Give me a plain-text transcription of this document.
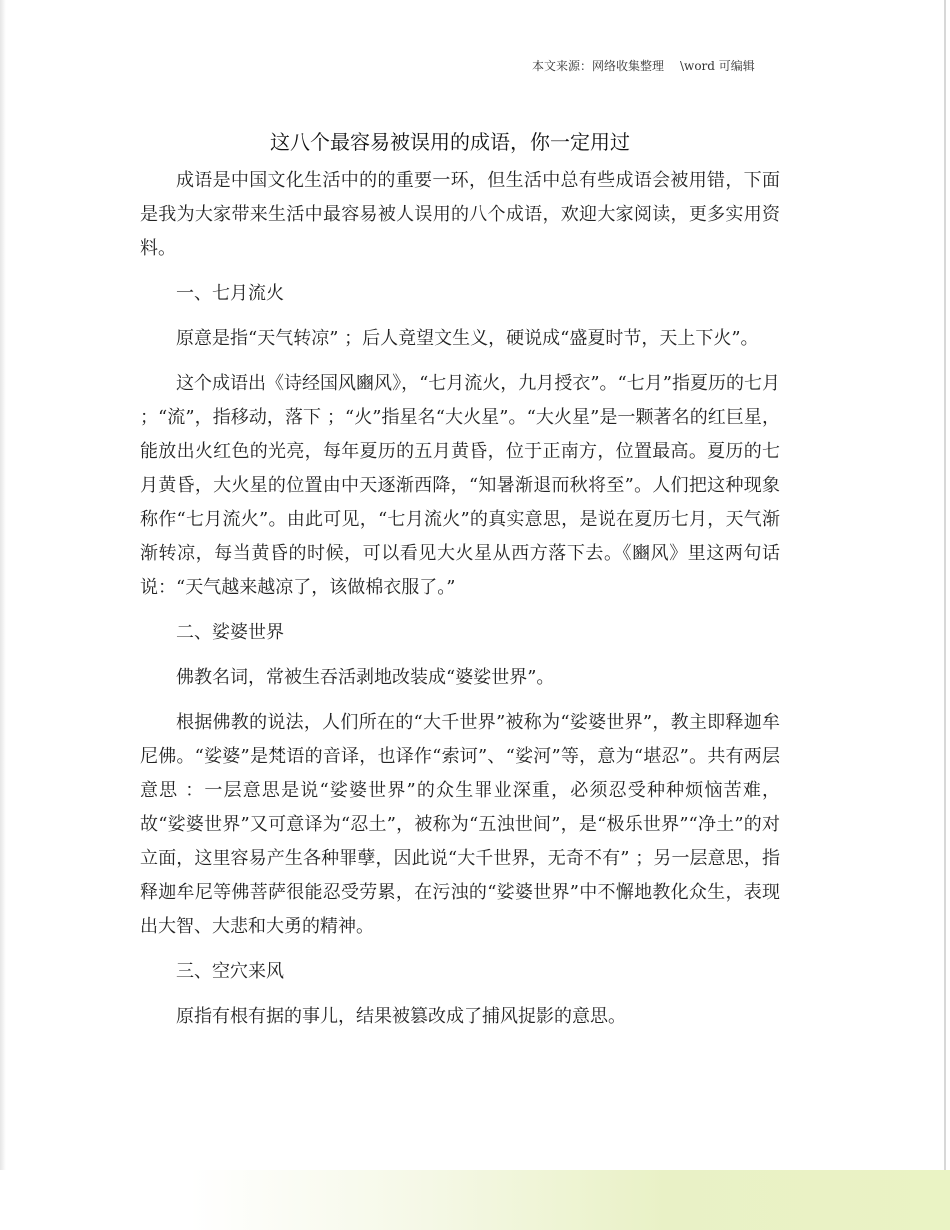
本文来源：网络收集整理 \word 可编辑
这八个最容易被误用的成语，你一定用过

成语是中国文化生活中的的重要一环，但生活中总有些成语会被用错，下面是我为大家带来生活中最容易被人误用的八个成语，欢迎大家阅读，更多实用资料。

一、七月流火

原意是指“天气转凉” ；后人竟望文生义，硬说成“盛夏时节，天上下火”。

这个成语出《诗经国风豳风》，“七月流火，九月授衣”。“七月”指夏历的七月 ；“流”，指移动，落下 ；“火”指星名“大火星”。“大火星”是一颗著名的红巨星，能放出火红色的光亮，每年夏历的五月黄昏，位于正南方，位置最高。夏历的七月黄昏，大火星的位置由中天逐渐西降，“知暑渐退而秋将至”。人们把这种现象称作“七月流火”。由此可见，“七月流火”的真实意思，是说在夏历七月，天气渐渐转凉，每当黄昏的时候，可以看见大火星从西方落下去。《豳风》里这两句话说：“天气越来越凉了，该做棉衣服了。”

二、娑婆世界

佛教名词，常被生吞活剥地改装成“婆娑世界”。

根据佛教的说法，人们所在的“大千世界”被称为“娑婆世界”，教主即释迦牟尼佛。“娑婆”是梵语的音译，也译作“索诃”、“娑河”等，意为“堪忍”。共有两层意思 ：一层意思是说“娑婆世界”的众生罪业深重，必须忍受种种烦恼苦难，故“娑婆世界”又可意译为“忍土”，被称为“五浊世间”，是“极乐世界”“净土”的对立面，这里容易产生各种罪孽，因此说“大千世界，无奇不有” ；另一层意思，指释迦牟尼等佛菩萨很能忍受劳累，在污浊的“娑婆世界”中不懈地教化众生，表现出大智、大悲和大勇的精神。

三、空穴来风

原指有根有据的事儿，结果被篡改成了捕风捉影的意思。
